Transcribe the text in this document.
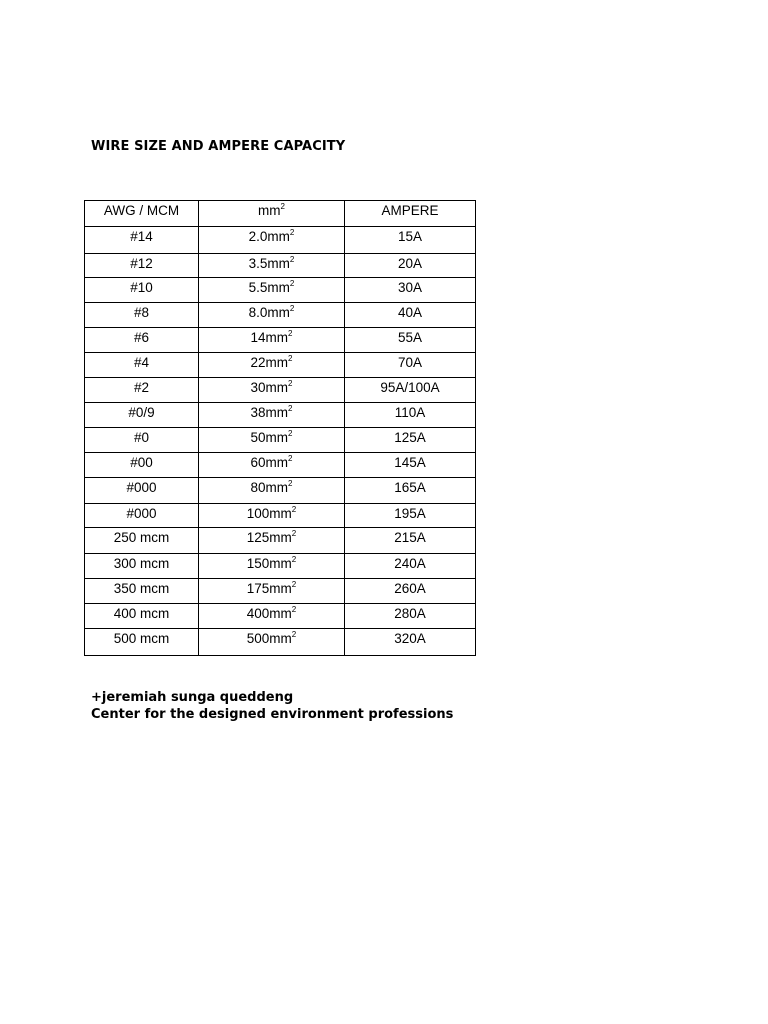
WIRE SIZE AND AMPERE CAPACITY
AWG / MCM	$mm^2$	AMPERE

#14	$2.0mm^2$	15A

#12	$3.5mm^2$	20A

#10	$5.5mm^2$	30A

#8	$8.0mm^2$	40A

#6	$14mm^2$	55A

#4	$22mm^2$	70A

#2	$30mm^2$	95A/100A

#0/9	$38mm^2$	110A

#0	$50mm^2$	125A

#00	$60mm^2$	145A

#000	$80mm^2$	165A

#000	$100mm^2$	195A

250 mcm	$125mm^2$	215A

300 mcm	$150mm^2$	240A

350 mcm	$175mm^2$	260A

400 mcm	$400mm^2$	280A

500 mcm	$500mm^2$	320A
+jeremiah sunga queddeng
Center for the designed environment professions
